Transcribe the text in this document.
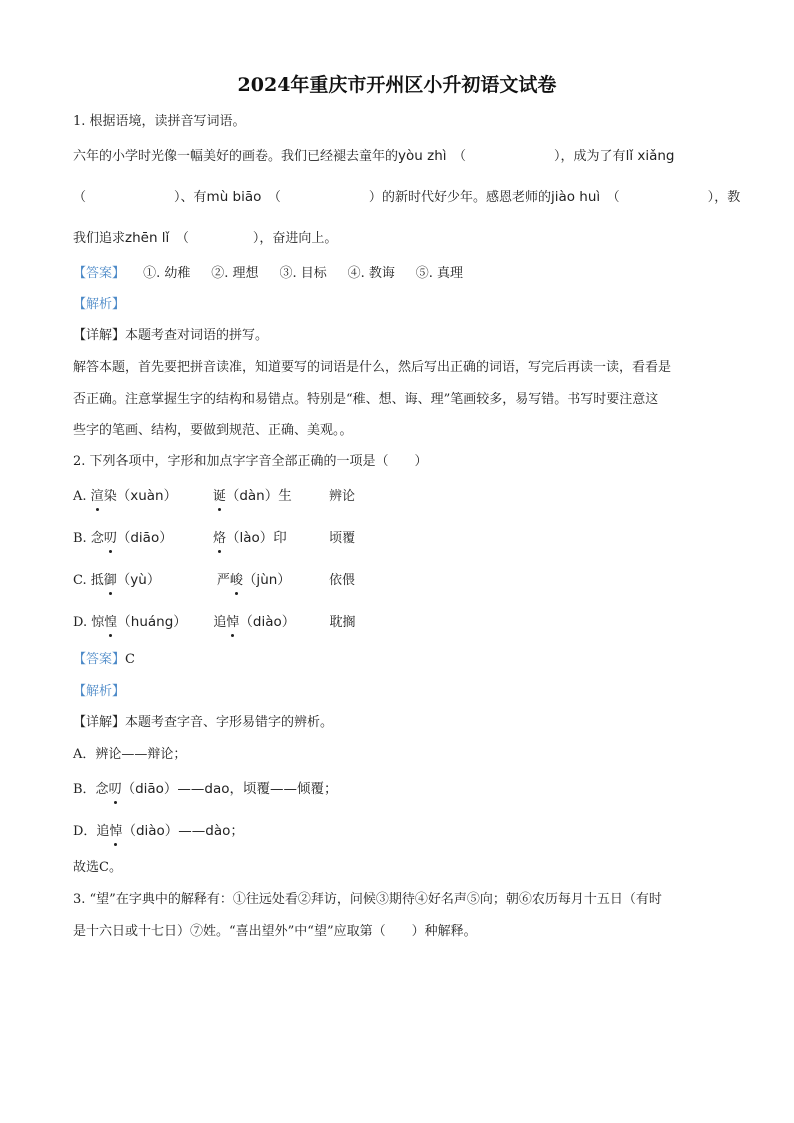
2024年重庆市开州区小升初语文试卷
1. 根据语境，读拼音写词语。
六年的小学时光像一幅美好的画卷。我们已经褪去童年的yòu zhì　（	），成为了有lǐ xiǎng
（	）、有mù biāo　（	）的新时代好少年。感恩老师的jiào huì　（	），教
我们追求zhēn lǐ　（	），奋进向上。
【答案】 ①. 幼稚 ②. 理想 ③. 目标 ④. 教诲 ⑤. 真理
【解析】
【详解】本题考查对词语的拼写。
解答本题，首先要把拼音读准，知道要写的词语是什么，然后写出正确的词语，写完后再读一读，看看是
否正确。注意掌握生字的结构和易错点。特别是“稚、想、诲、理”笔画较多，易写错。书写时要注意这
些字的笔画、结构，要做到规范、正确、美观。。
2. 下列各项中，字形和加点字字音全部正确的一项是（　　）
A. 渲染（xuàn）	诞（dàn）生	辨论
B. 念叨（diāo）	烙（lào）印	顷覆
C. 抵御（yù）	严峻（jùn）	依偎
D. 惊惶（huáng） 追悼（diào）	耽搁
【答案】C
【解析】
【详解】本题考查字音、字形易错字的辨析。
A．辨论——辩论；
B．念叨（diāo）——dao，顷覆——倾覆；
D．追悼（diào）——dào；
故选C。
3. “望”在字典中的解释有：①往远处看②拜访，问候③期待④好名声⑤向；朝⑥农历每月十五日（有时
是十六日或十七日）⑦姓。“喜出望外”中“望”应取第（　　）种解释。
